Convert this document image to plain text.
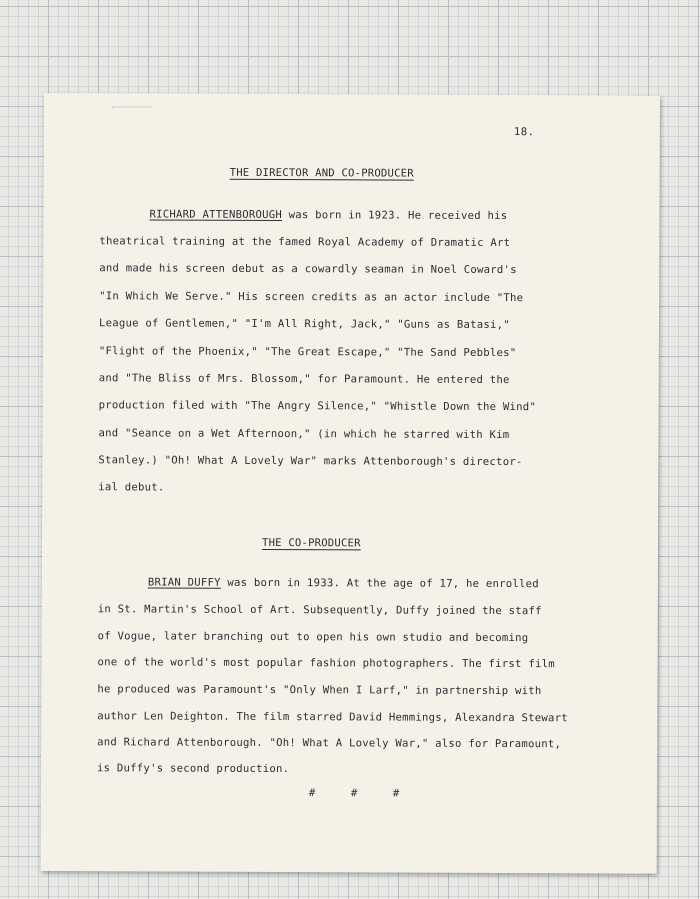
18.
THE DIRECTOR AND CO-PRODUCER
RICHARD ATTENBOROUGH was born in 1923. He received his
theatrical training at the famed Royal Academy of Dramatic Art
and made his screen debut as a cowardly seaman in Noel Coward's
"In Which We Serve." His screen credits as an actor include "The
League of Gentlemen," "I'm All Right, Jack," "Guns as Batasi,"
"Flight of the Phoenix," "The Great Escape," "The Sand Pebbles"
and "The Bliss of Mrs. Blossom," for Paramount. He entered the
production filed with "The Angry Silence," "Whistle Down the Wind"
and "Seance on a Wet Afternoon," (in which he starred with Kim
Stanley.) "Oh! What A Lovely War" marks Attenborough's director-
ial debut.
THE CO-PRODUCER
BRIAN DUFFY was born in 1933. At the age of 17, he enrolled
in St. Martin's School of Art. Subsequently, Duffy joined the staff
of Vogue, later branching out to open his own studio and becoming
one of the world's most popular fashion photographers. The first film
he produced was Paramount's "Only When I Larf," in partnership with
author Len Deighton. The film starred David Hemmings, Alexandra Stewart
and Richard Attenborough. "Oh! What A Lovely War," also for Paramount,
is Duffy's second production.
#	#	#
